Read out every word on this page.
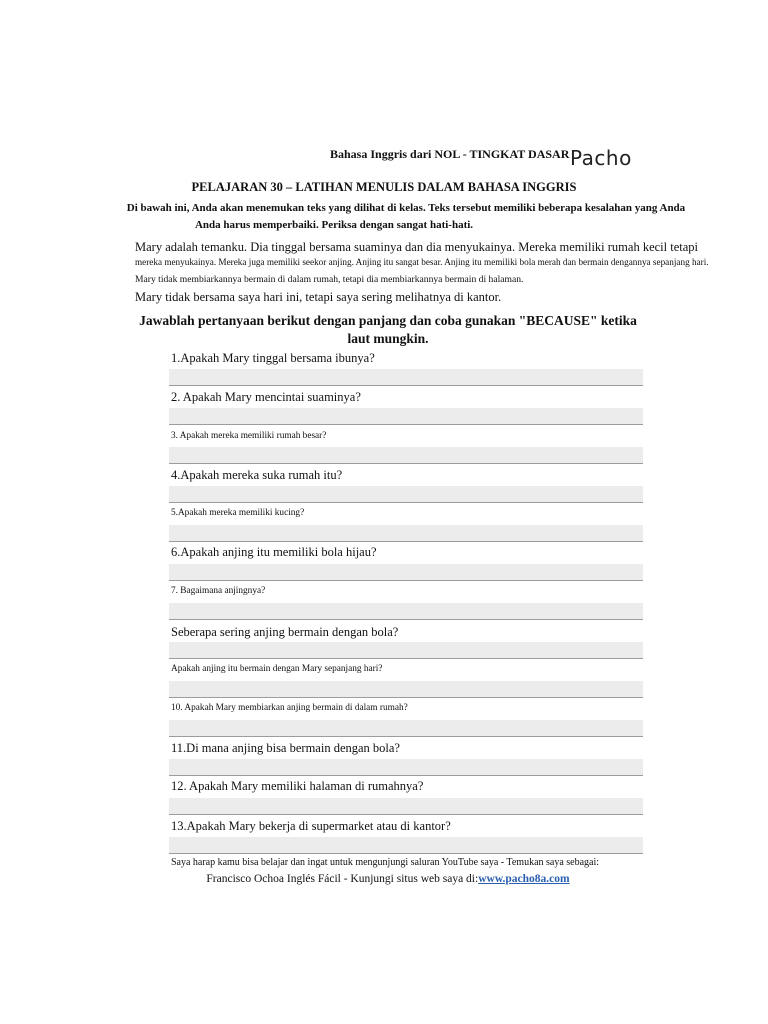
Bahasa Inggris dari NOL - TINGKAT DASAR Pacho
PELAJARAN 30 – LATIHAN MENULIS DALAM BAHASA INGGRIS
Di bawah ini, Anda akan menemukan teks yang dilihat di kelas. Teks tersebut memiliki beberapa kesalahan yang Anda
Anda harus memperbaiki. Periksa dengan sangat hati-hati.
Mary adalah temanku. Dia tinggal bersama suaminya dan dia menyukainya. Mereka memiliki rumah kecil tetapi
mereka menyukainya. Mereka juga memiliki seekor anjing. Anjing itu sangat besar. Anjing itu memiliki bola merah dan bermain dengannya sepanjang hari.
Mary tidak membiarkannya bermain di dalam rumah, tetapi dia membiarkannya bermain di halaman.
Mary tidak bersama saya hari ini, tetapi saya sering melihatnya di kantor.
Jawablah pertanyaan berikut dengan panjang dan coba gunakan "BECAUSE" ketika
laut mungkin.
1.Apakah Mary tinggal bersama ibunya?
2. Apakah Mary mencintai suaminya?
3. Apakah mereka memiliki rumah besar?
4.Apakah mereka suka rumah itu?
5.Apakah mereka memiliki kucing?
6.Apakah anjing itu memiliki bola hijau?
7. Bagaimana anjingnya?
Seberapa sering anjing bermain dengan bola?
Apakah anjing itu bermain dengan Mary sepanjang hari?
10. Apakah Mary membiarkan anjing bermain di dalam rumah?
11.Di mana anjing bisa bermain dengan bola?
12. Apakah Mary memiliki halaman di rumahnya?
13.Apakah Mary bekerja di supermarket atau di kantor?
Saya harap kamu bisa belajar dan ingat untuk mengunjungi saluran YouTube saya - Temukan saya sebagai:
Francisco Ochoa Inglés Fácil - Kunjungi situs web saya di:www.pacho8a.com
